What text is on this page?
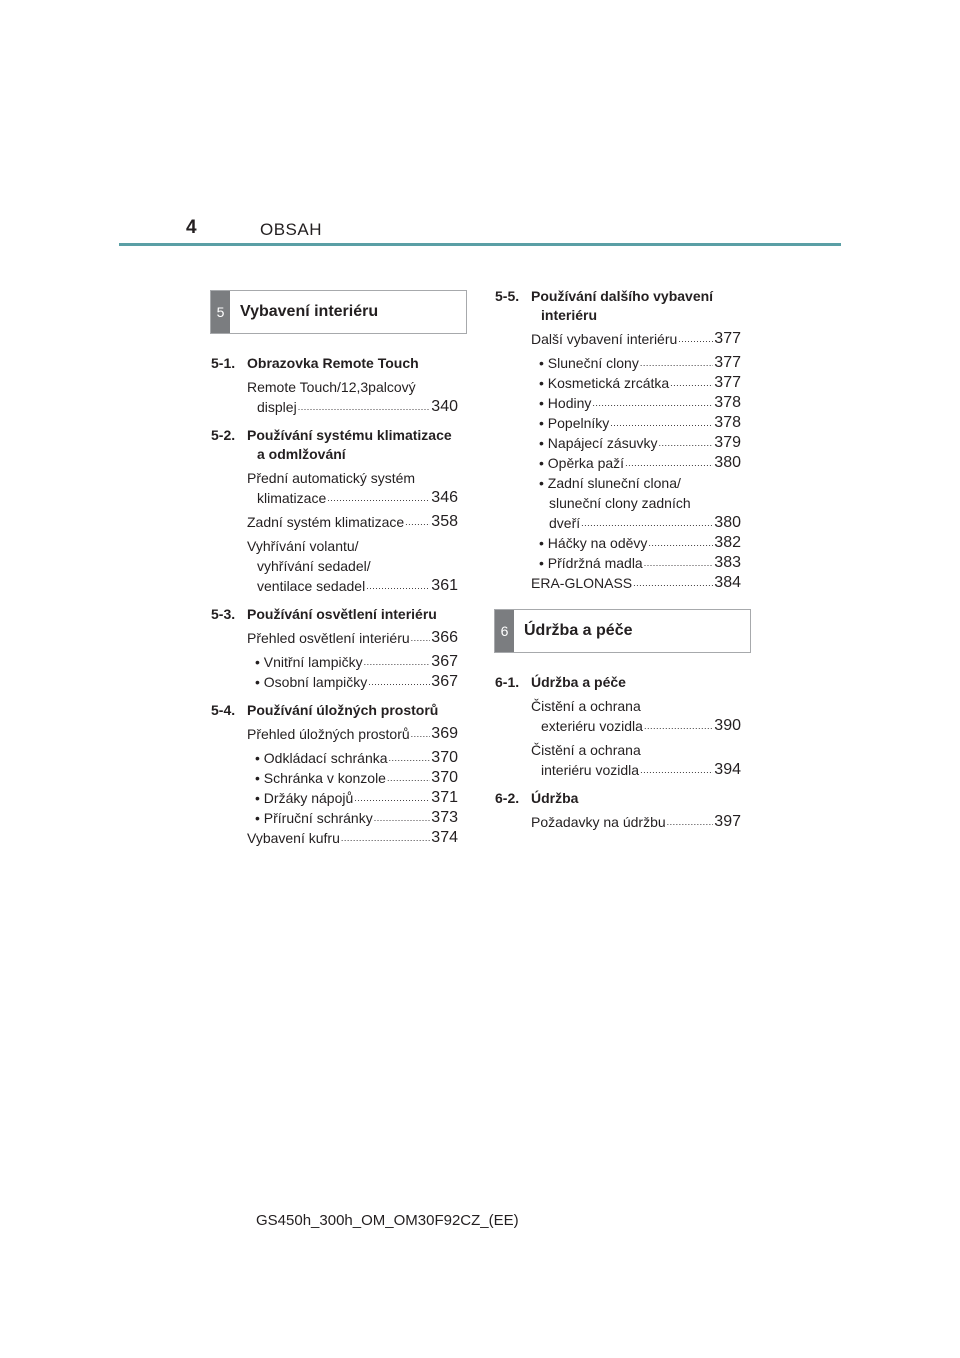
4	OBSAH
5 Vybavení interiéru
6 Údržba a péče
5-1. Obrazovka Remote Touch
Remote Touch/12,3palcový
displej .....	340
5-2. Používání systému klimatizace
a odmlžování
Přední automatický systém
klimatizace .....	346
Zadní systém klimatizace ..... 358
Vyhřívání volantu/
vyhřívání sedadel/
ventilace sedadel .....	361
5-3. Používání osvětlení interiéru
Přehled osvětlení interiéru ..... 366
• Vnitřní lampičky .....	367
• Osobní lampičky .....	367
5-4. Používání úložných prostorů
Přehled úložných prostorů ..... 369
• Odkládací schránka .....	370
• Schránka v konzole .....	370
• Držáky nápojů .....	371
• Příruční schránky .....	373
Vybavení kufru .....	374
5-5. Používání dalšího vybavení
interiéru
Další vybavení interiéru ..... 377
• Sluneční clony .....	377
• Kosmetická zrcátka .....	377
• Hodiny .....	378
• Popelníky .....	378
• Napájecí zásuvky .....	379
• Opěrka paží .....	380
• Zadní sluneční clona/
sluneční clony zadních
dveří .....	380
• Háčky na oděvy .....	382
• Přídržná madla .....	383
ERA-GLONASS .....	384
6-1. Údržba a péče
Čistění a ochrana
exteriéru vozidla .....	390
Čistění a ochrana
interiéru vozidla .....	394
6-2. Údržba
Požadavky na údržbu .....	397
GS450h_300h_OM_OM30F92CZ_(EE)
